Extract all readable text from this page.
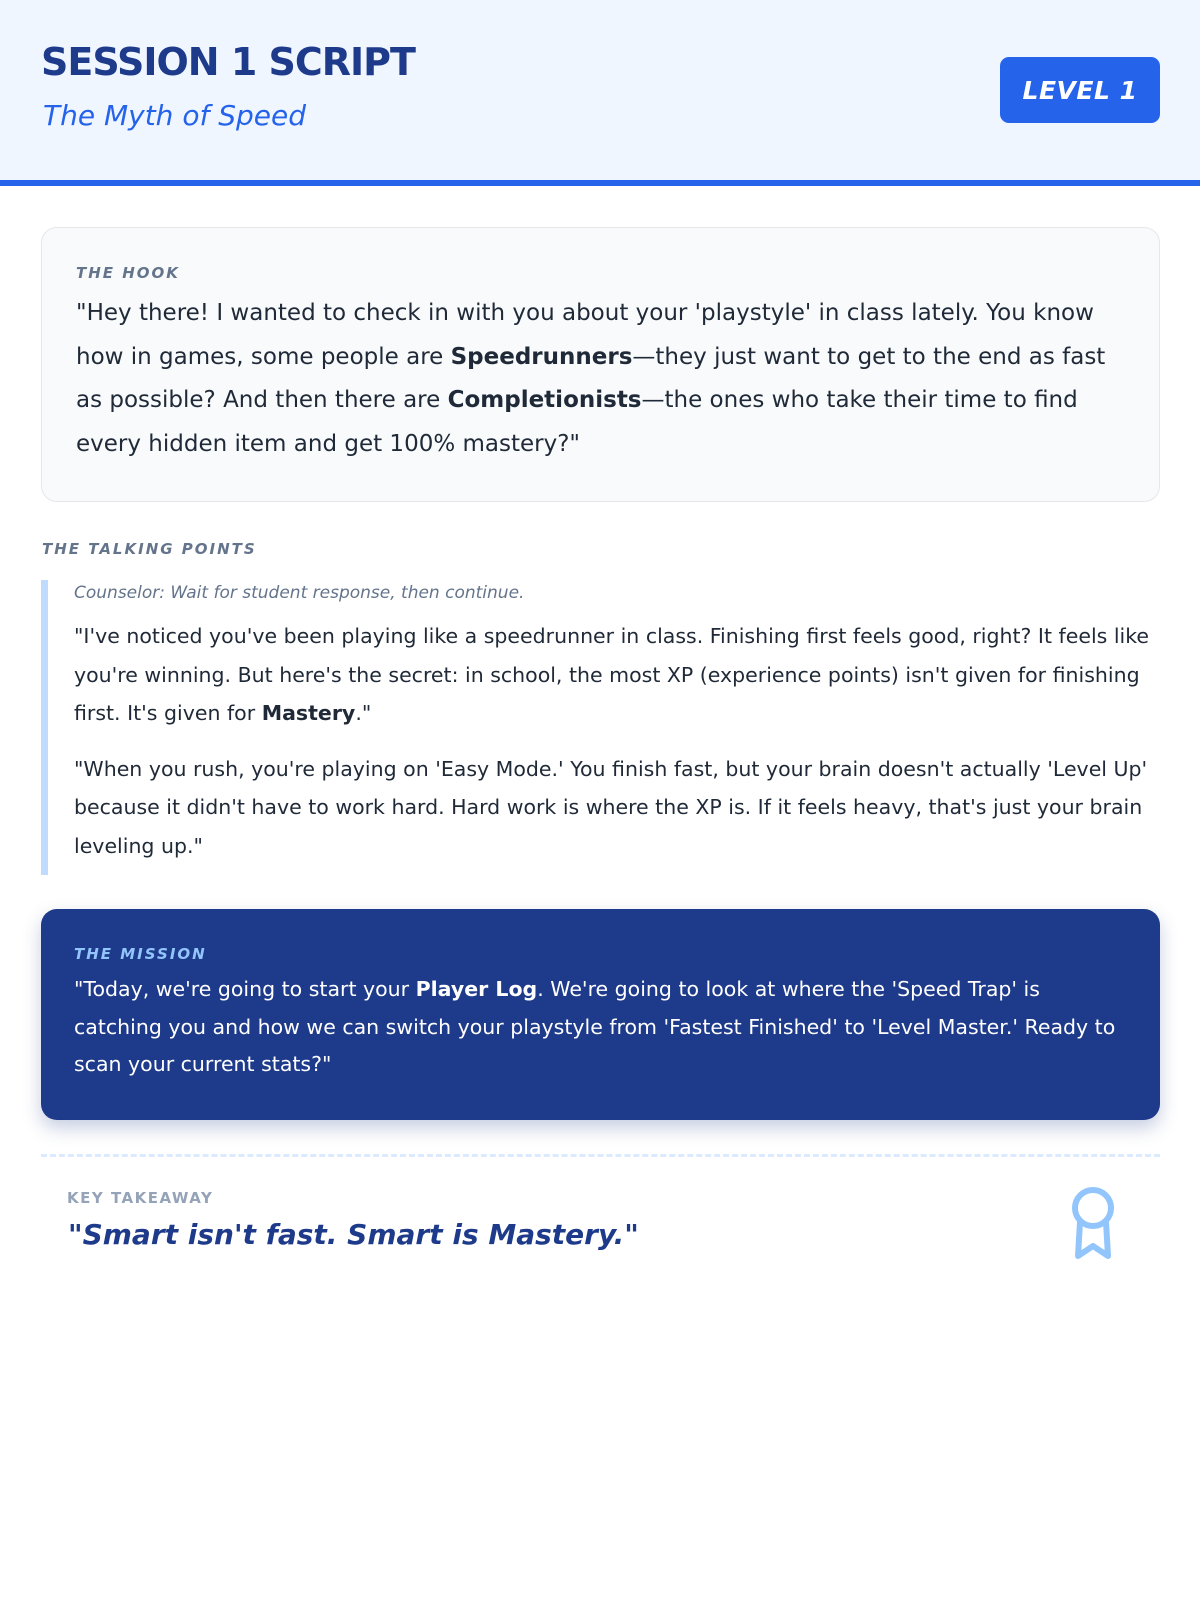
SESSION 1 SCRIPT
The Myth of Speed
LEVEL 1
THE HOOK
"Hey there! I wanted to check in with you about your 'playstyle' in class lately. You know how in games, some people are Speedrunners—they just want to get to the end as fast as possible? And then there are Completionists—the ones who take their time to find every hidden item and get 100% mastery?"
THE TALKING POINTS
Counselor: Wait for student response, then continue.
"I've noticed you've been playing like a speedrunner in class. Finishing first feels good, right? It feels like you're winning. But here's the secret: in school, the most XP (experience points) isn't given for finishing first. It's given for Mastery."
"When you rush, you're playing on 'Easy Mode.' You finish fast, but your brain doesn't actually 'Level Up' because it didn't have to work hard. Hard work is where the XP is. If it feels heavy, that's just your brain leveling up."
THE MISSION
"Today, we're going to start your Player Log. We're going to look at where the 'Speed Trap' is catching you and how we can switch your playstyle from 'Fastest Finished' to 'Level Master.' Ready to scan your current stats?"
KEY TAKEAWAY
"Smart isn't fast. Smart is Mastery."
